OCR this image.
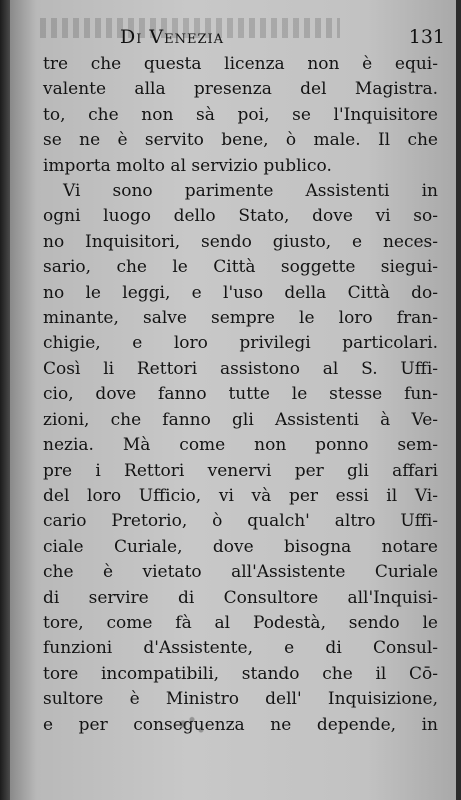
Di Venezia	131
tre che questa licenza non è equi-
valente alla presenza del Magistra.
to, che non sà poi, se l'Inquisitore
se ne è servito bene, ò male. Il che
importa molto al servizio publico.
Vi sono parimente Assistenti in
ogni luogo dello Stato, dove vi so-
no Inquisitori, sendo giusto, e neces-
sario, che le Città soggette siegui-
no le leggi, e l'uso della Città do-
minante, salve sempre le loro fran-
chigie, e loro privilegi particolari.
Così li Rettori assistono al S. Uffi-
cio, dove fanno tutte le stesse fun-
zioni, che fanno gli Assistenti à Ve-
nezia. Mà come non ponno sem-
pre i Rettori venervi per gli affari
del loro Ufficio, vi và per essi il Vi-
cario Pretorio, ò qualch' altro Uffi-
ciale Curiale, dove bisogna notare
che è vietato all'Assistente Curiale
di servire di Consultore all'Inquisi-
tore, come fà al Podestà, sendo le
funzioni d'Assistente, e di Consul-
tore incompatibili, stando che il Cō-
sultore è Ministro dell' Inquisizione,
e per conseguenza ne depende, in
